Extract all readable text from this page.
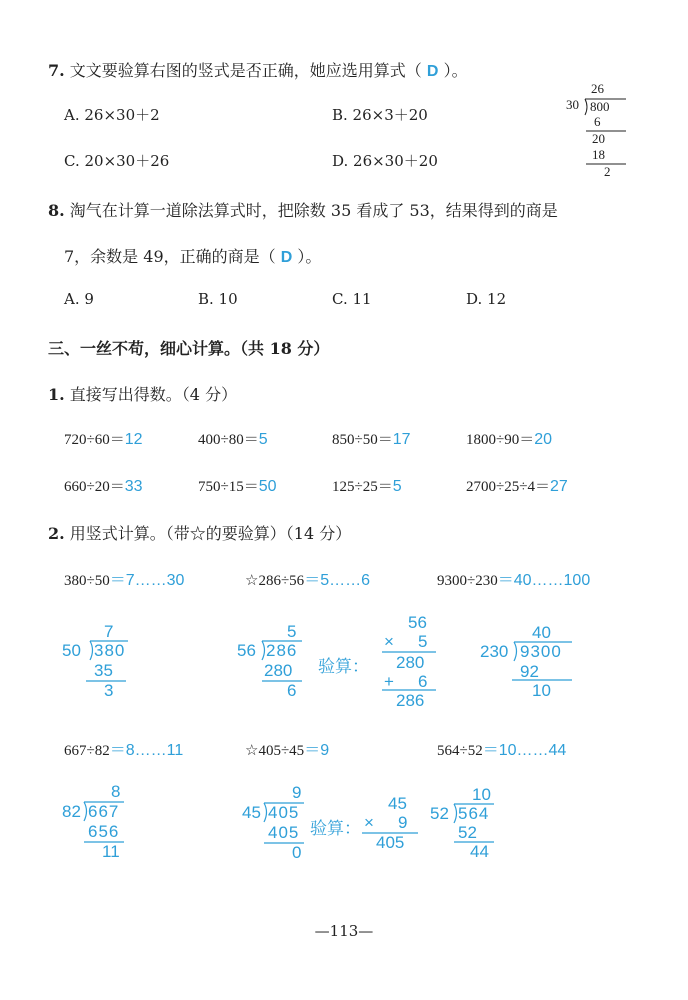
7. 文文要验算右图的竖式是否正确，她应选用算式（ D ）。
A. 26×30＋2	B. 26×3＋20
C. 20×30＋26	D. 26×30＋20
26
30 800
6
20
18
2
8. 淘气在计算一道除法算式时，把除数 35 看成了 53，结果得到的商是
7，余数是 49，正确的商是（ D ）。
A. 9	B. 10	C. 11	D. 12
三、一丝不苟，细心计算。（共 18 分）
1. 直接写出得数。（4 分）
720÷60＝12	400÷80＝5	850÷50＝17	1800÷90＝20
660÷20＝33	750÷15＝50	125÷25＝5	2700÷25÷4＝27
2. 用竖式计算。（带☆的要验算）（14 分）
380÷50＝7……30	☆286÷56＝5……6	9300÷230＝40……100
7
50 380
35
3
5
56 286
280
6
验算：
56
× 5
280
+ 6
286
40
230 9300
92
10
667÷82＝8……11	☆405÷45＝9	564÷52＝10……44
8
82 667
656
11
9
45 405
405
0
验算：
45
× 9
405
10
52 564
52
44
—113—
